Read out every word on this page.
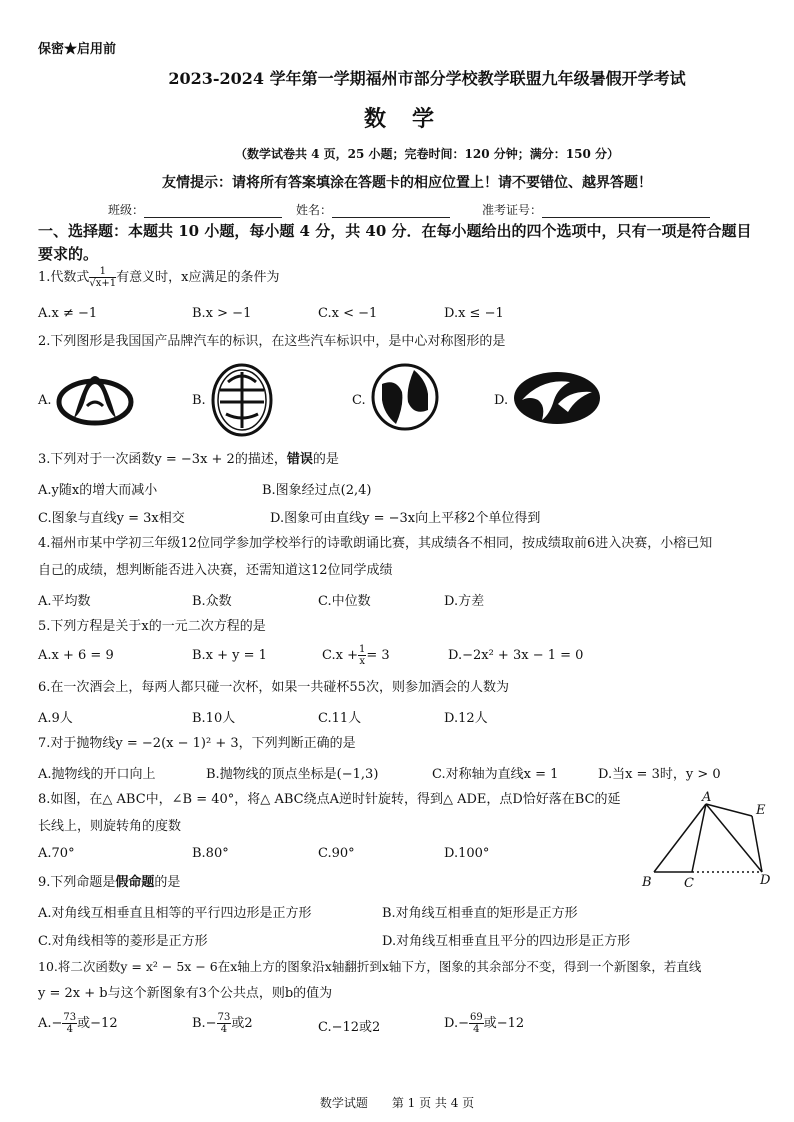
保密★启用前
2023-2024 学年第一学期福州市部分学校教学联盟九年级暑假开学考试
数学
（数学试卷共 4 页，25 小题；完卷时间：120 分钟；满分：150 分）
友情提示：请将所有答案填涂在答题卡的相应位置上！请不要错位、越界答题！
班级：	姓名：	准考证号：
一、选择题：本题共 10 小题，每小题 4 分，共 40 分．在每小题给出的四个选项中，只有一项是符合题目要求的。
1.代数式 $\frac{1}{√x+1}$ 有意义时，x应满足的条件为
A.x ≠ −1	B.x > −1	C.x < −1	D.x ≤ −1
2.下列图形是我国国产品牌汽车的标识，在这些汽车标识中，是中心对称图形的是
A.	B.	C.	D.
3.下列对于一次函数y = −3x + 2的描述，错误的是
A.y随x的增大而减小	B.图象经过点(2,4)
C.图象与直线y = 3x相交	D.图象可由直线y = −3x向上平移2个单位得到
4.福州市某中学初三年级12位同学参加学校举行的诗歌朗诵比赛，其成绩各不相同，按成绩取前6进入决赛，小榕已知
自己的成绩，想判断能否进入决赛，还需知道这12位同学成绩
A.平均数	B.众数	C.中位数	D.方差
5.下列方程是关于x的一元二次方程的是
A.x + 6 = 9	B.x + y = 1	$C.x + \frac{1}{x} = 3$	D.−2x² + 3x − 1 = 0
6.在一次酒会上，每两人都只碰一次杯，如果一共碰杯55次，则参加酒会的人数为
A.9人	B.10人	C.11人	D.12人
7.对于抛物线y = −2(x − 1)² + 3，下列判断正确的是
A.抛物线的开口向上	B.抛物线的顶点坐标是(−1,3)	C.对称轴为直线x = 1	D.当x = 3时，y > 0
8.如图，在△ ABC中，∠B = 40°，将△ ABC绕点A逆时针旋转，得到△ ADE，点D恰好落在BC的延
长线上，则旋转角的度数
A.70°	B.80°	C.90°	D.100°
A
E
B C	D
9.下列命题是假命题的是
A.对角线互相垂直且相等的平行四边形是正方形	B.对角线互相垂直的矩形是正方形
C.对角线相等的菱形是正方形	D.对角线互相垂直且平分的四边形是正方形
10.将二次函数y = x² − 5x − 6在x轴上方的图象沿x轴翻折到x轴下方，图象的其余部分不变，得到一个新图象，若直线
y = 2x + b与这个新图象有3个公共点，则b的值为
$A.- \frac{73}{4}$ 或−12	$B.- \frac{73}{4}$ 或2	C.−12或2	$D.- \frac{69}{4}$ 或−12
数学试题　　第 1 页 共 4 页
